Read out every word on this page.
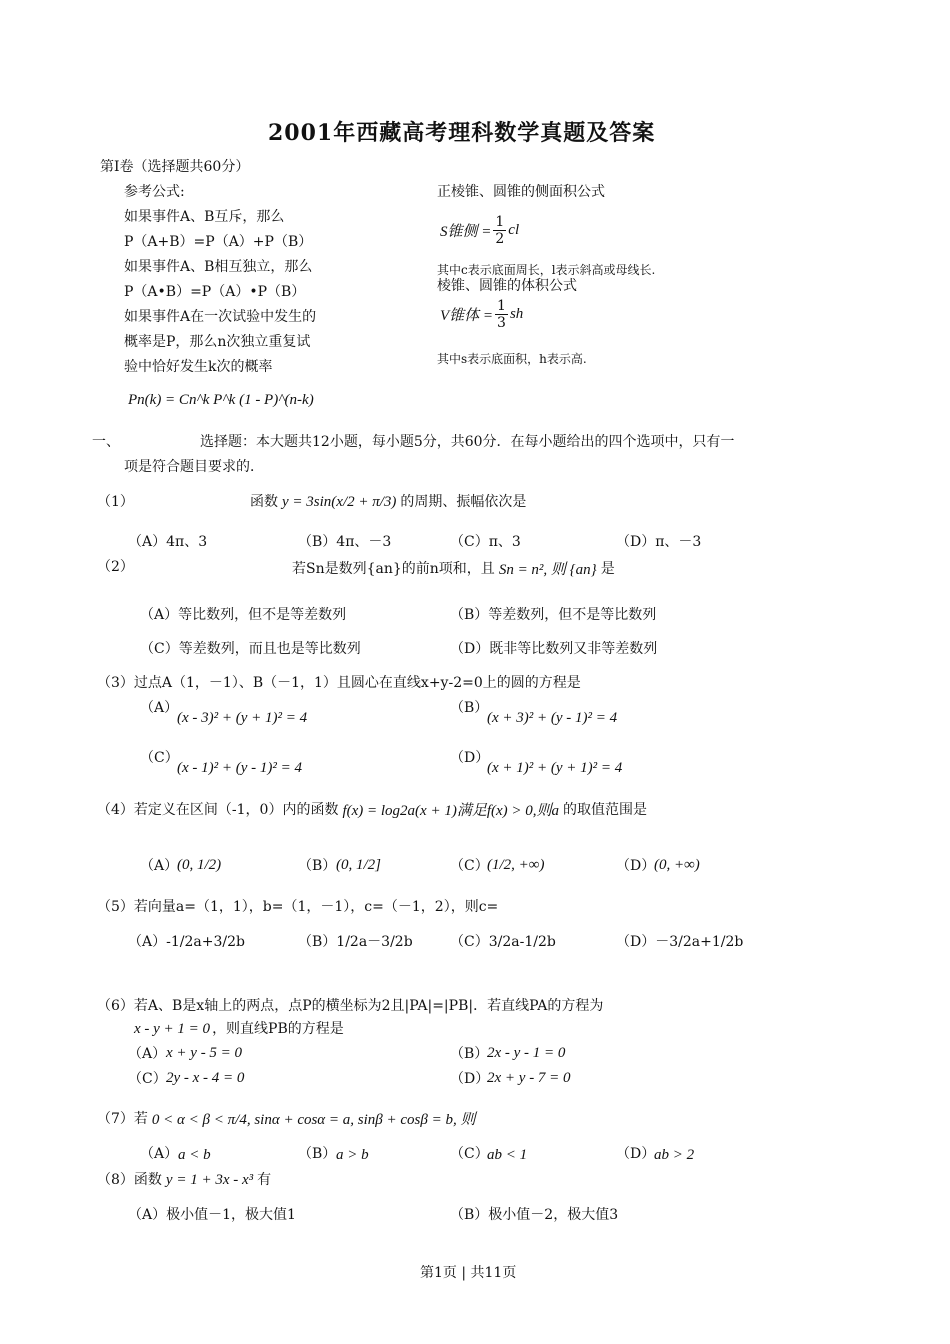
2001年西藏高考理科数学真题及答案
第Ⅰ卷（选择题共60分）
参考公式:
如果事件A、B互斥，那么
P（A+B）=P（A）+P（B）
如果事件A、B相互独立，那么
P（A•B）=P（A）•P（B）
如果事件A在一次试验中发生的
概率是P，那么n次独立重复试
验中恰好发生k次的概率
Pn(k) = Cn^k P^k (1 - P)^(n-k)
正棱锥、圆锥的侧面积公式
S锥侧 = $\frac{1}{2}$ cl
其中c表示底面周长，l表示斜高或母线长.
棱锥、圆锥的体积公式
V锥体 = $\frac{1}{3}$ sh
其中s表示底面积，h表示高.
一、	选择题：本大题共12小题，每小题5分，共60分．在每小题给出的四个选项中，只有一
项是符合题目要求的．
（1）	函数 y = 3sin(x/2 + π/3) 的周期、振幅依次是
（A）4π、3	（B）4π、－3	（C）π、3	（D）π、－3
（2）	若Sn是数列{an}的前n项和，且 Sn = n², 则 {an} 是
（A）等比数列，但不是等差数列	（B）等差数列，但不是等比数列
（C）等差数列，而且也是等比数列	（D）既非等比数列又非等差数列
（3）过点A（1，－1）、B（－1，1）且圆心在直线x+y-2=0上的圆的方程是
（A）
(x - 3)² + (y + 1)² = 4
（B）
(x + 3)² + (y - 1)² = 4
（C）
(x - 1)² + (y - 1)² = 4
（D）
(x + 1)² + (y + 1)² = 4
（4）若定义在区间（-1，0）内的函数 f(x) = log2a(x + 1)满足f(x) > 0,则a 的取值范围是
（A）
(0, 1/2)	（B） (0, 1/2]	（C）
(1/2, +∞)	（D）
(0, +∞)
（5）若向量a=（1，1），b=（1，－1），c=（－1，2），则c=
（A）-1/2a+3/2b	（B）1/2a－3/2b	（C）3/2a-1/2b	（D）－3/2a+1/2b
（6）若A、B是x轴上的两点，点P的横坐标为2且|PA|=|PB|．若直线PA的方程为
x - y + 1 = 0 ，则直线PB的方程是
（A） x + y - 5 = 0	（B）
2x - y - 1 = 0
（C） 2y - x - 4 = 0	（D）
2x + y - 7 = 0
（7）若 0 < α < β < π/4, sinα + cosα = a, sinβ + cosβ = b, 则
（A） a < b	（B） a > b	（C）
ab < 1	（D）
ab > 2
（8）函数 y = 1 + 3x - x³ 有
（A）极小值－1，极大值1	（B）极小值－2，极大值3
第1页 | 共11页
